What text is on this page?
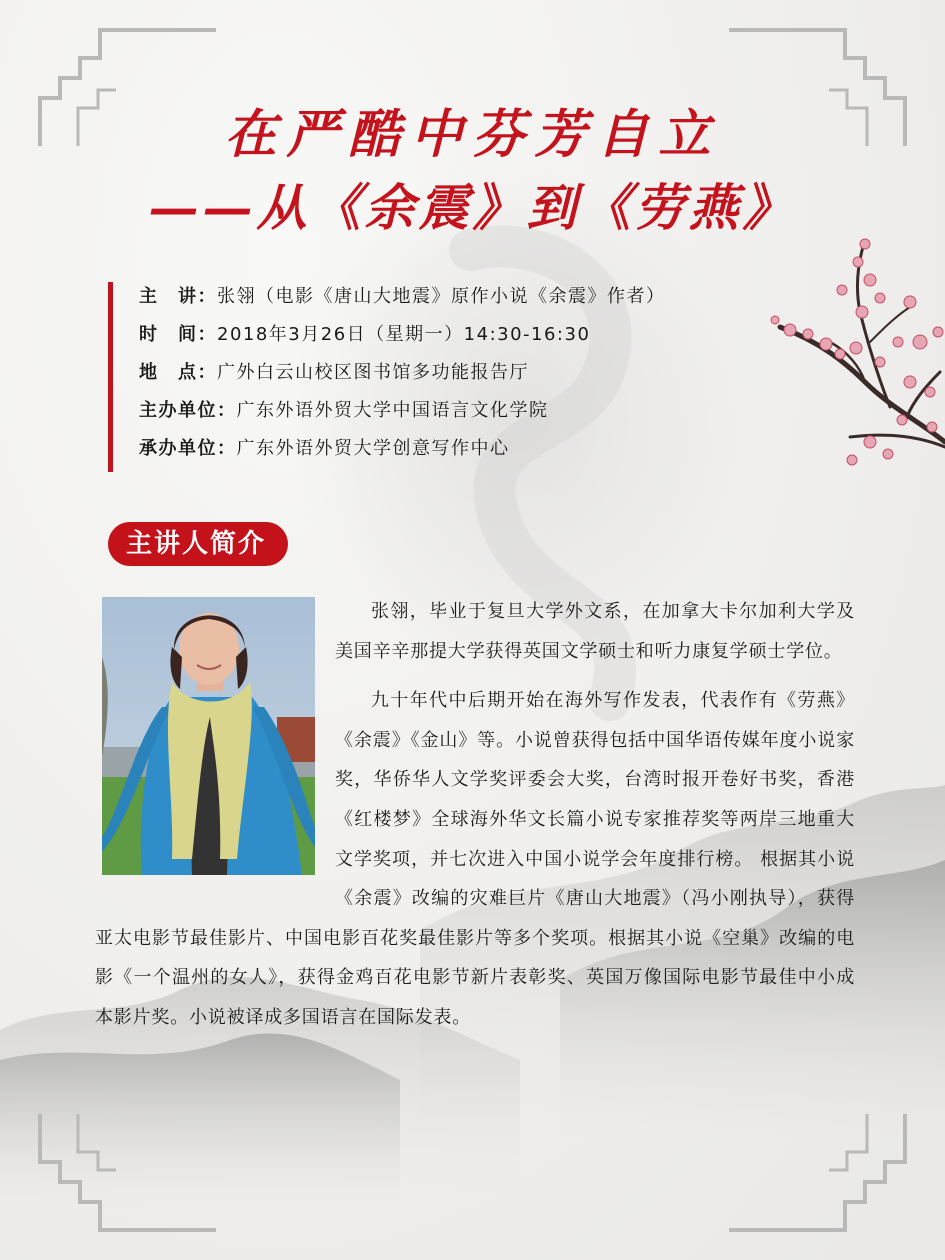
在严酷中芬芳自立
——从《余震》到《劳燕》
主　讲：张翎（电影《唐山大地震》原作小说《余震》作者）
时　间：2018年3月26日（星期一）14:30-16:30
地　点：广外白云山校区图书馆多功能报告厅
主办单位：广东外语外贸大学中国语言文化学院
承办单位：广东外语外贸大学创意写作中心
主讲人简介

张翎，毕业于复旦大学外文系，在加拿大卡尔加利大学及美国辛辛那提大学获得英国文学硕士和听力康复学硕士学位。

九十年代中后期开始在海外写作发表，代表作有《劳燕》《余震》《金山》等。小说曾获得包括中国华语传媒年度小说家奖，华侨华人文学奖评委会大奖，台湾时报开卷好书奖，香港《红楼梦》全球海外华文长篇小说专家推荐奖等两岸三地重大文学奖项，并七次进入中国小说学会年度排行榜。 根据其小说《余震》改编的灾难巨片《唐山大地震》（冯小刚执导），获得亚太电影节最佳影片、中国电影百花奖最佳影片等多个奖项。根据其小说《空巢》改编的电影《一个温州的女人》，获得金鸡百花电影节新片表彰奖、英国万像国际电影节最佳中小成本影片奖。小说被译成多国语言在国际发表。
